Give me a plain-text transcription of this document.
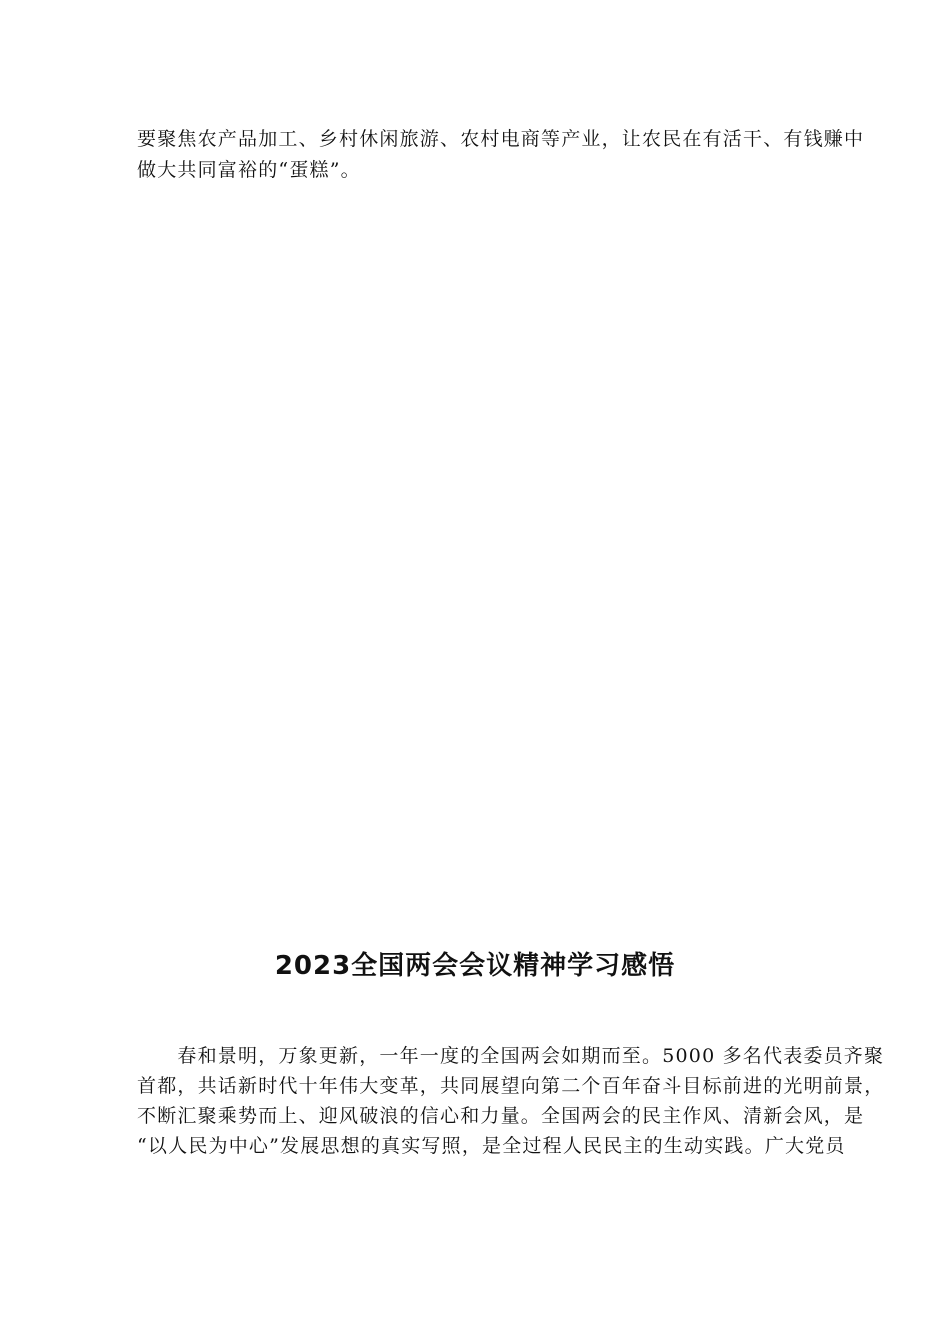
要聚焦农产品加工、乡村休闲旅游、农村电商等产业，让农民在有活干、有钱赚中
做大共同富裕的“蛋糕”。
2023全国两会会议精神学习感悟
　　春和景明，万象更新，一年一度的全国两会如期而至。5000 多名代表委员齐聚
首都，共话新时代十年伟大变革，共同展望向第二个百年奋斗目标前进的光明前景，
不断汇聚乘势而上、迎风破浪的信心和力量。全国两会的民主作风、清新会风，是
“以人民为中心”发展思想的真实写照，是全过程人民民主的生动实践。广大党员
